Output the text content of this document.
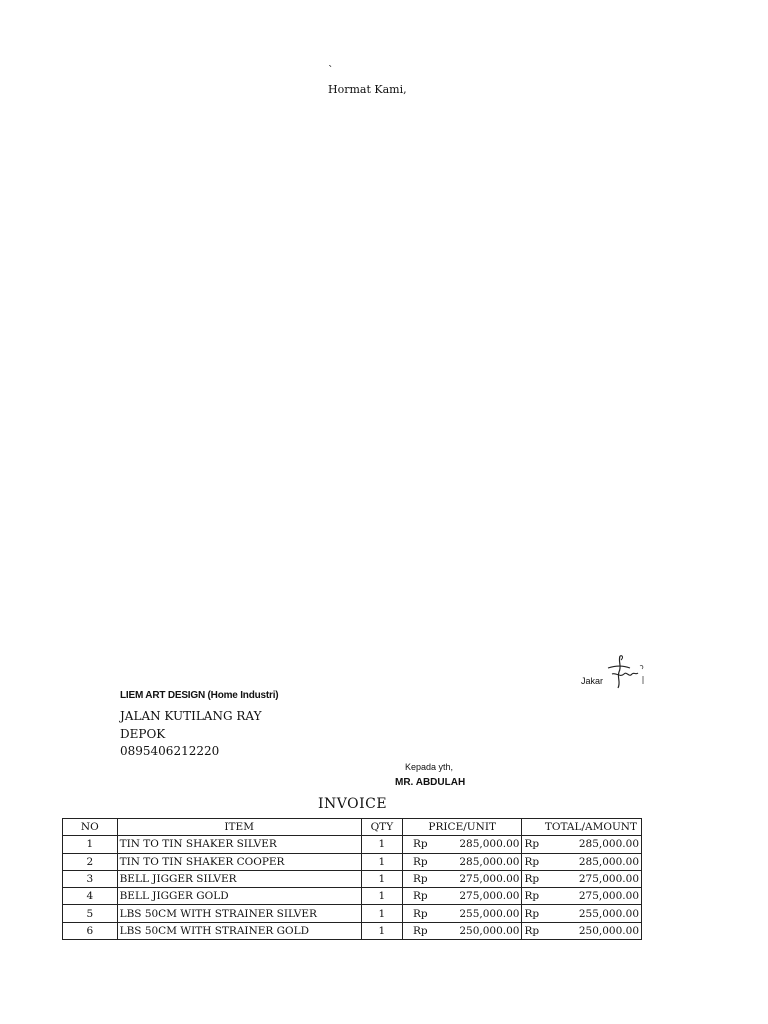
`
Hormat Kami,
Jakar
LIEM ART DESIGN (Home Industri)
JALAN KUTILANG RAY
DEPOK
0895406212220
Kepada yth,
MR. ABDULAH
INVOICE
NO	ITEM	QTY	PRICE/UNIT	TOTAL/AMOUNT
1	TIN TO TIN SHAKER SILVER	1	Rp 285,000.00	Rp 285,000.00

2	TIN TO TIN SHAKER COOPER	1	Rp 285,000.00	Rp 285,000.00

3	BELL JIGGER SILVER	1	Rp 275,000.00	Rp 275,000.00

4	BELL JIGGER GOLD	1	Rp 275,000.00	Rp 275,000.00

5	LBS 50CM WITH STRAINER SILVER	1	Rp 255,000.00	Rp 255,000.00

6	LBS 50CM WITH STRAINER GOLD	1	Rp 250,000.00	Rp 250,000.00
